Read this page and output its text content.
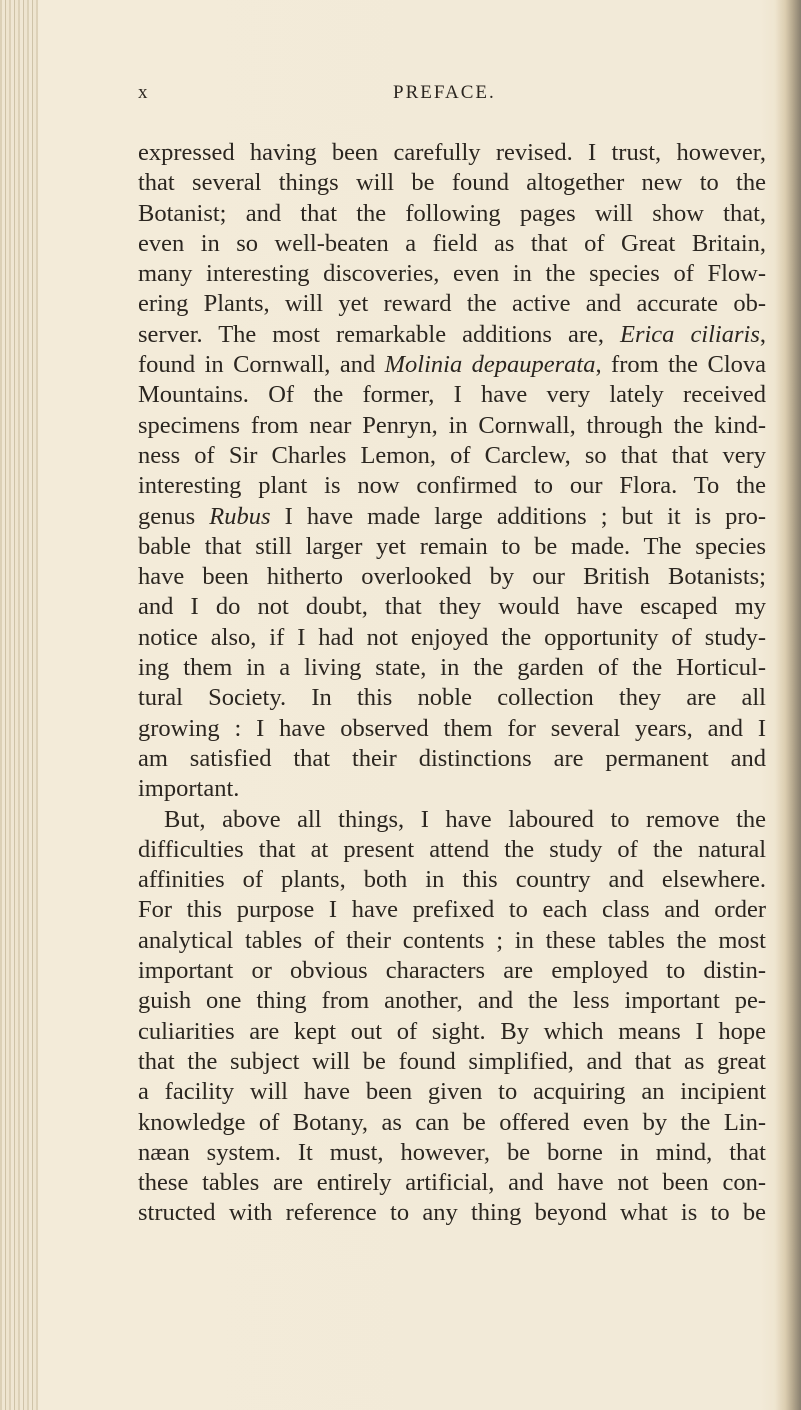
x	PREFACE.
expressed having been carefully revised. I trust, however,
that several things will be found altogether new to the
Botanist; and that the following pages will show that,
even in so well-beaten a field as that of Great Britain,
many interesting discoveries, even in the species of Flow-
ering Plants, will yet reward the active and accurate ob-
server. The most remarkable additions are, Erica ciliaris,
found in Cornwall, and Molinia depauperata, from the Clova
Mountains. Of the former, I have very lately received
specimens from near Penryn, in Cornwall, through the kind-
ness of Sir Charles Lemon, of Carclew, so that that very
interesting plant is now confirmed to our Flora. To the
genus Rubus I have made large additions ; but it is pro-
bable that still larger yet remain to be made. The species
have been hitherto overlooked by our British Botanists;
and I do not doubt, that they would have escaped my
notice also, if I had not enjoyed the opportunity of study-
ing them in a living state, in the garden of the Horticul-
tural Society. In this noble collection they are all
growing : I have observed them for several years, and I
am satisfied that their distinctions are permanent and
important.
But, above all things, I have laboured to remove the
difficulties that at present attend the study of the natural
affinities of plants, both in this country and elsewhere.
For this purpose I have prefixed to each class and order
analytical tables of their contents ; in these tables the most
important or obvious characters are employed to distin-
guish one thing from another, and the less important pe-
culiarities are kept out of sight. By which means I hope
that the subject will be found simplified, and that as great
a facility will have been given to acquiring an incipient
knowledge of Botany, as can be offered even by the Lin-
næan system. It must, however, be borne in mind, that
these tables are entirely artificial, and have not been con-
structed with reference to any thing beyond what is to be
